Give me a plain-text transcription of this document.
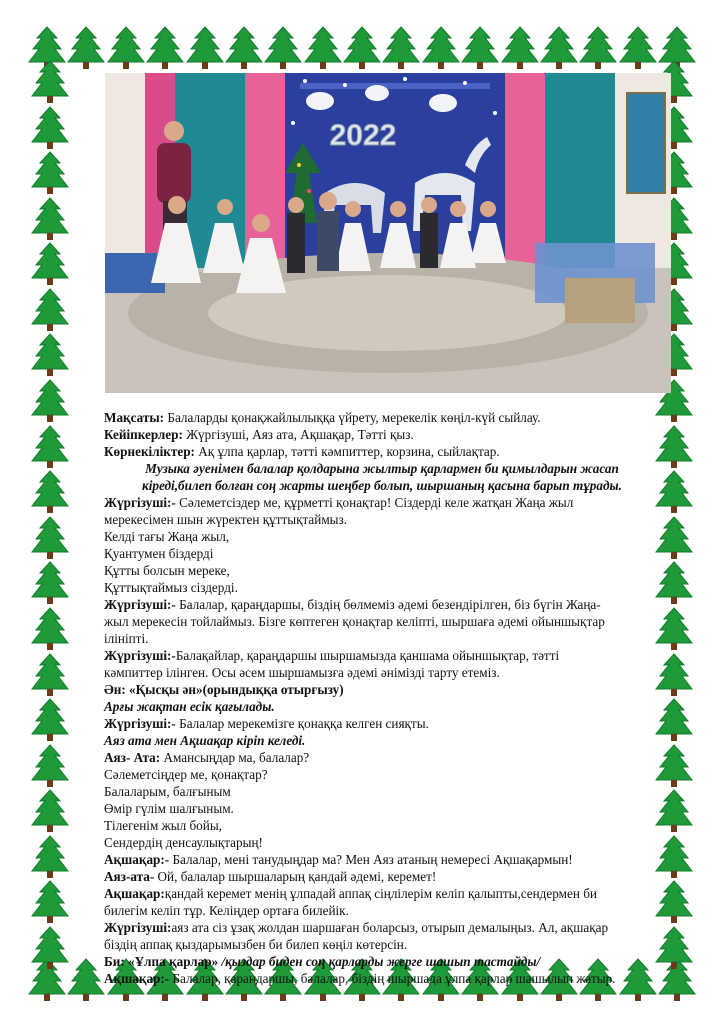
2022

Мақсаты: Балаларды қонақжайлылыққа үйрету, мерекелік көңіл-күй сыйлау.

Кейіпкерлер: Жүргізуші, Аяз ата, Ақшақар, Тәтті қыз.

Көрнекіліктер: Ақ ұлпа қарлар, тәтті кәмпиттер, корзина, сыйлақтар.

Музыка әуенімен балалар қолдарына жылтыр қарлармен би қимылдарын жасап

кіреді,билеп болған соң жарты шеңбер болып, шыршаның қасына барып тұрады.

Жүргізуші:- Сәлеметсіздер ме, құрметті қонақтар! Сіздерді келе жатқан Жаңа жыл

мерекесімен шын жүректен құттықтаймыз.

Келді тағы Жаңа жыл,

Қуантумен біздерді

Құтты болсын мереке,

Құттықтаймыз сіздерді.

Жүргізуші:- Балалар, қараңдаршы, біздің бөлмеміз әдемі безендірілген, біз бүгін Жаңа-

жыл мерекесін тойлаймыз. Бізге көптеген қонақтар келіпті, шыршаға әдемі ойыншықтар

ілініпті.

Жүргізуші:-Балақайлар, қараңдаршы шыршамызда қаншама ойыншықтар, тәтті

кәмпиттер ілінген. Осы әсем шыршамызға әдемі әнімізді тарту етеміз.

Ән: «Қысқы ән»(орындыққа отырғызу)

Арғы жақтан есік қағылады.

Жүргізуші:- Балалар мерекемізге қонаққа келген сияқты.

Аяз ата мен Ақшақар кіріп келеді.

Аяз- Ата: Амансыңдар ма, балалар?

Сәлеметсіңдер ме, қонақтар?

Балаларым, балғыным

Өмір гүлім шалғыным.

Тілегенім жыл бойы,

Сендердің денсаулықтарың!

Ақшақар:- Балалар, мені танудыңдар ма? Мен Аяз атаның немересі Ақшақармын!

Аяз-ата- Ой, балалар шыршаларың қандай әдемі, керемет!

Ақшақар:қандай керемет менің ұлпадай аппақ сіңлілерім келіп қалыпты,сендермен би

билегім келіп тұр. Келіңдер ортаға билейік.

Жүргізуші:аяз ата сіз ұзақ жолдан шаршаған боларсыз, отырып демалыңыз. Ал, ақшақар

біздің аппақ қыздарымызбен би билеп көңіл көтерсін.

Би: «Ұлпа қарлар» /қыздар биден соң қарларды жерге шашып тастайды/

Ақшақар:- Балалар, қараңдаршы, балалар, біздің шыршада ұлпа қарлар шашылып жатыр.
